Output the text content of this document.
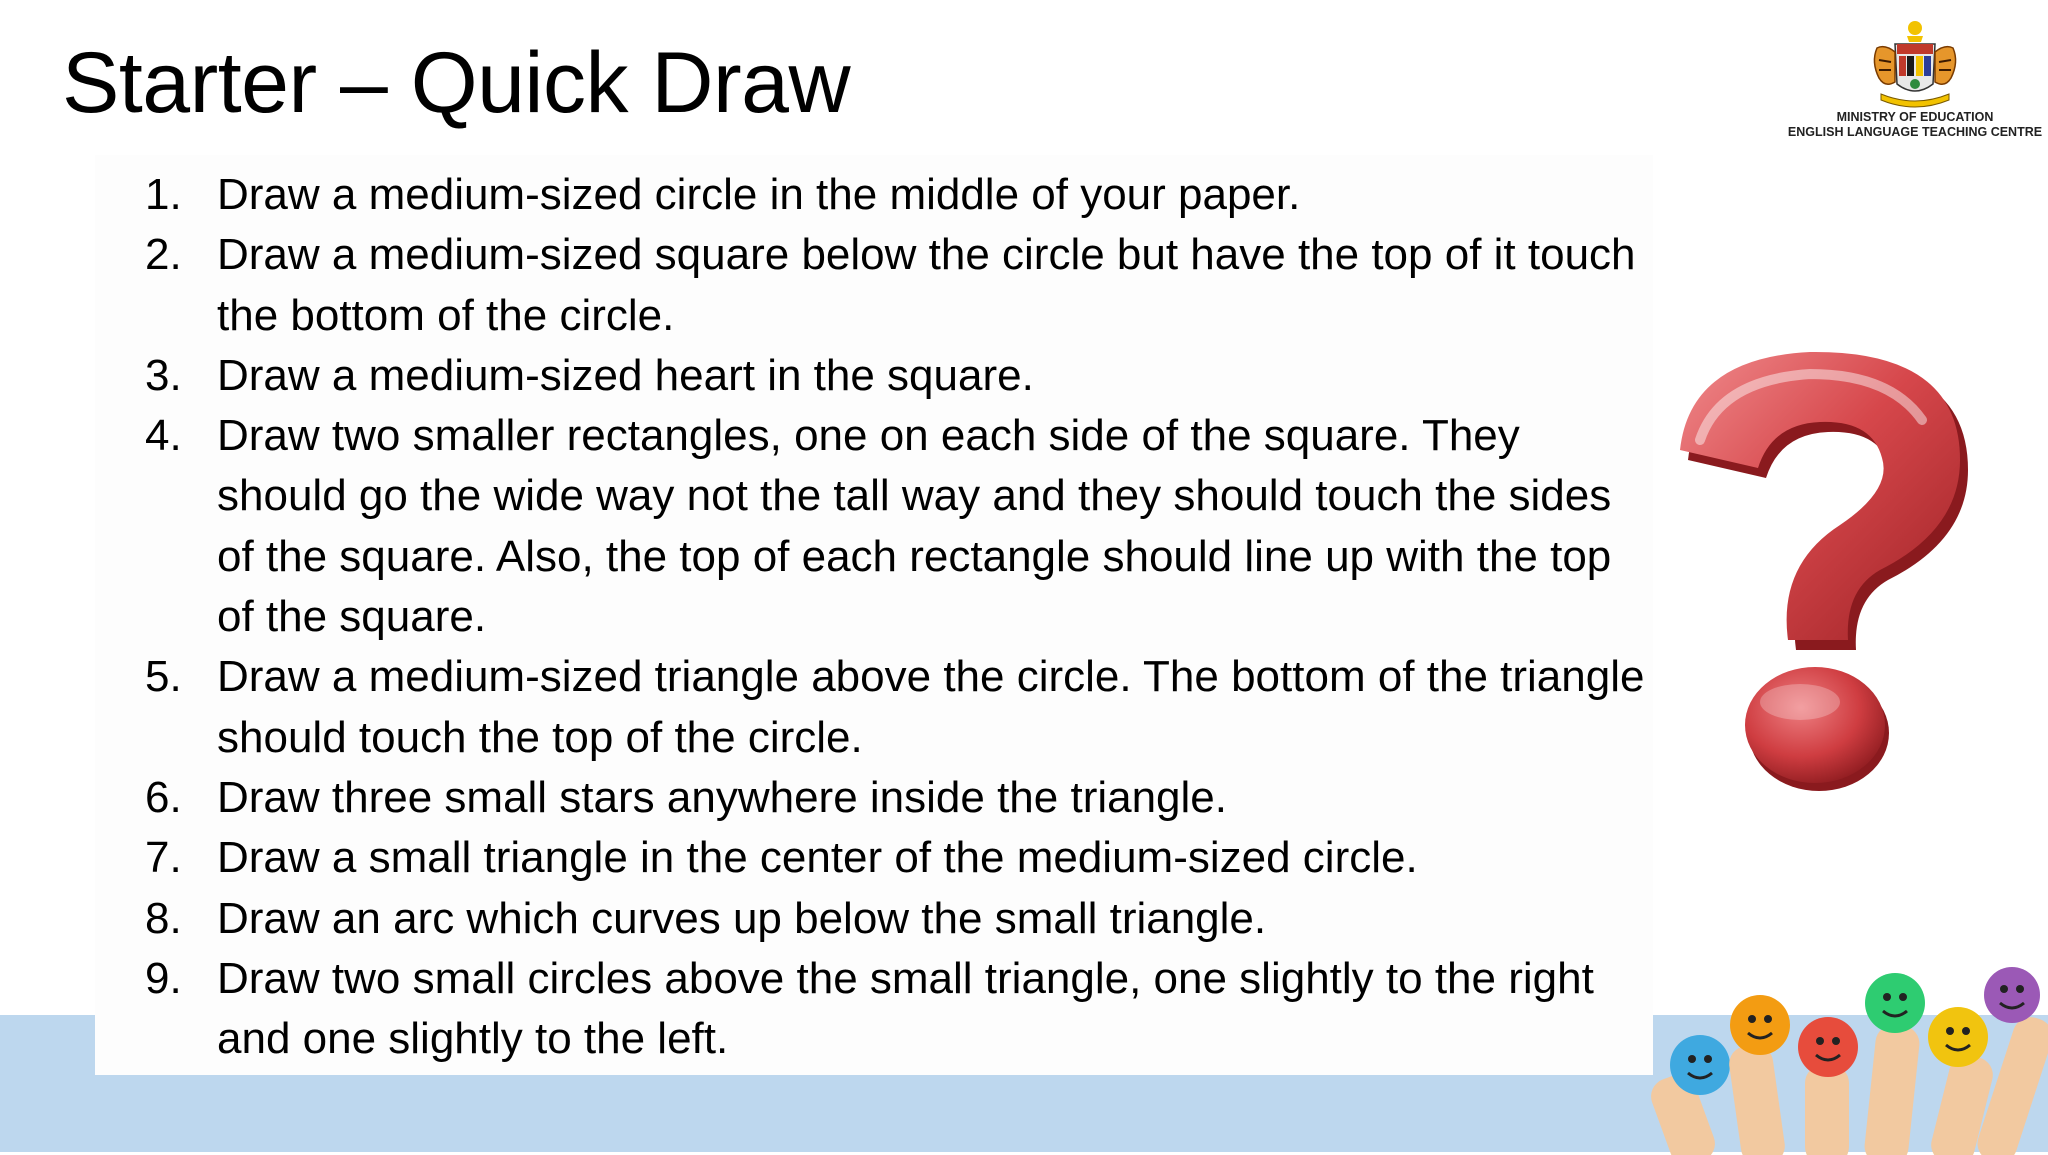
Starter – Quick Draw	MINISTRY OF EDUCATION
ENGLISH LANGUAGE TEACHING CENTRE
1. Draw a medium-sized circle in the middle of your paper.
2. Draw a medium-sized square below the circle but have the top of it touch the bottom of the circle.
3. Draw a medium-sized heart in the square.
4. Draw two smaller rectangles, one on each side of the square. They should go the wide way not the tall way and they should touch the sides of the square. Also, the top of each rectangle should line up with the top of the square.
5. Draw a medium-sized triangle above the circle. The bottom of the triangle should touch the top of the circle.
6. Draw three small stars anywhere inside the triangle.
7. Draw a small triangle in the center of the medium-sized circle.
8. Draw an arc which curves up below the small triangle.
9. Draw two small circles above the small triangle, one slightly to the right and one slightly to the left.
